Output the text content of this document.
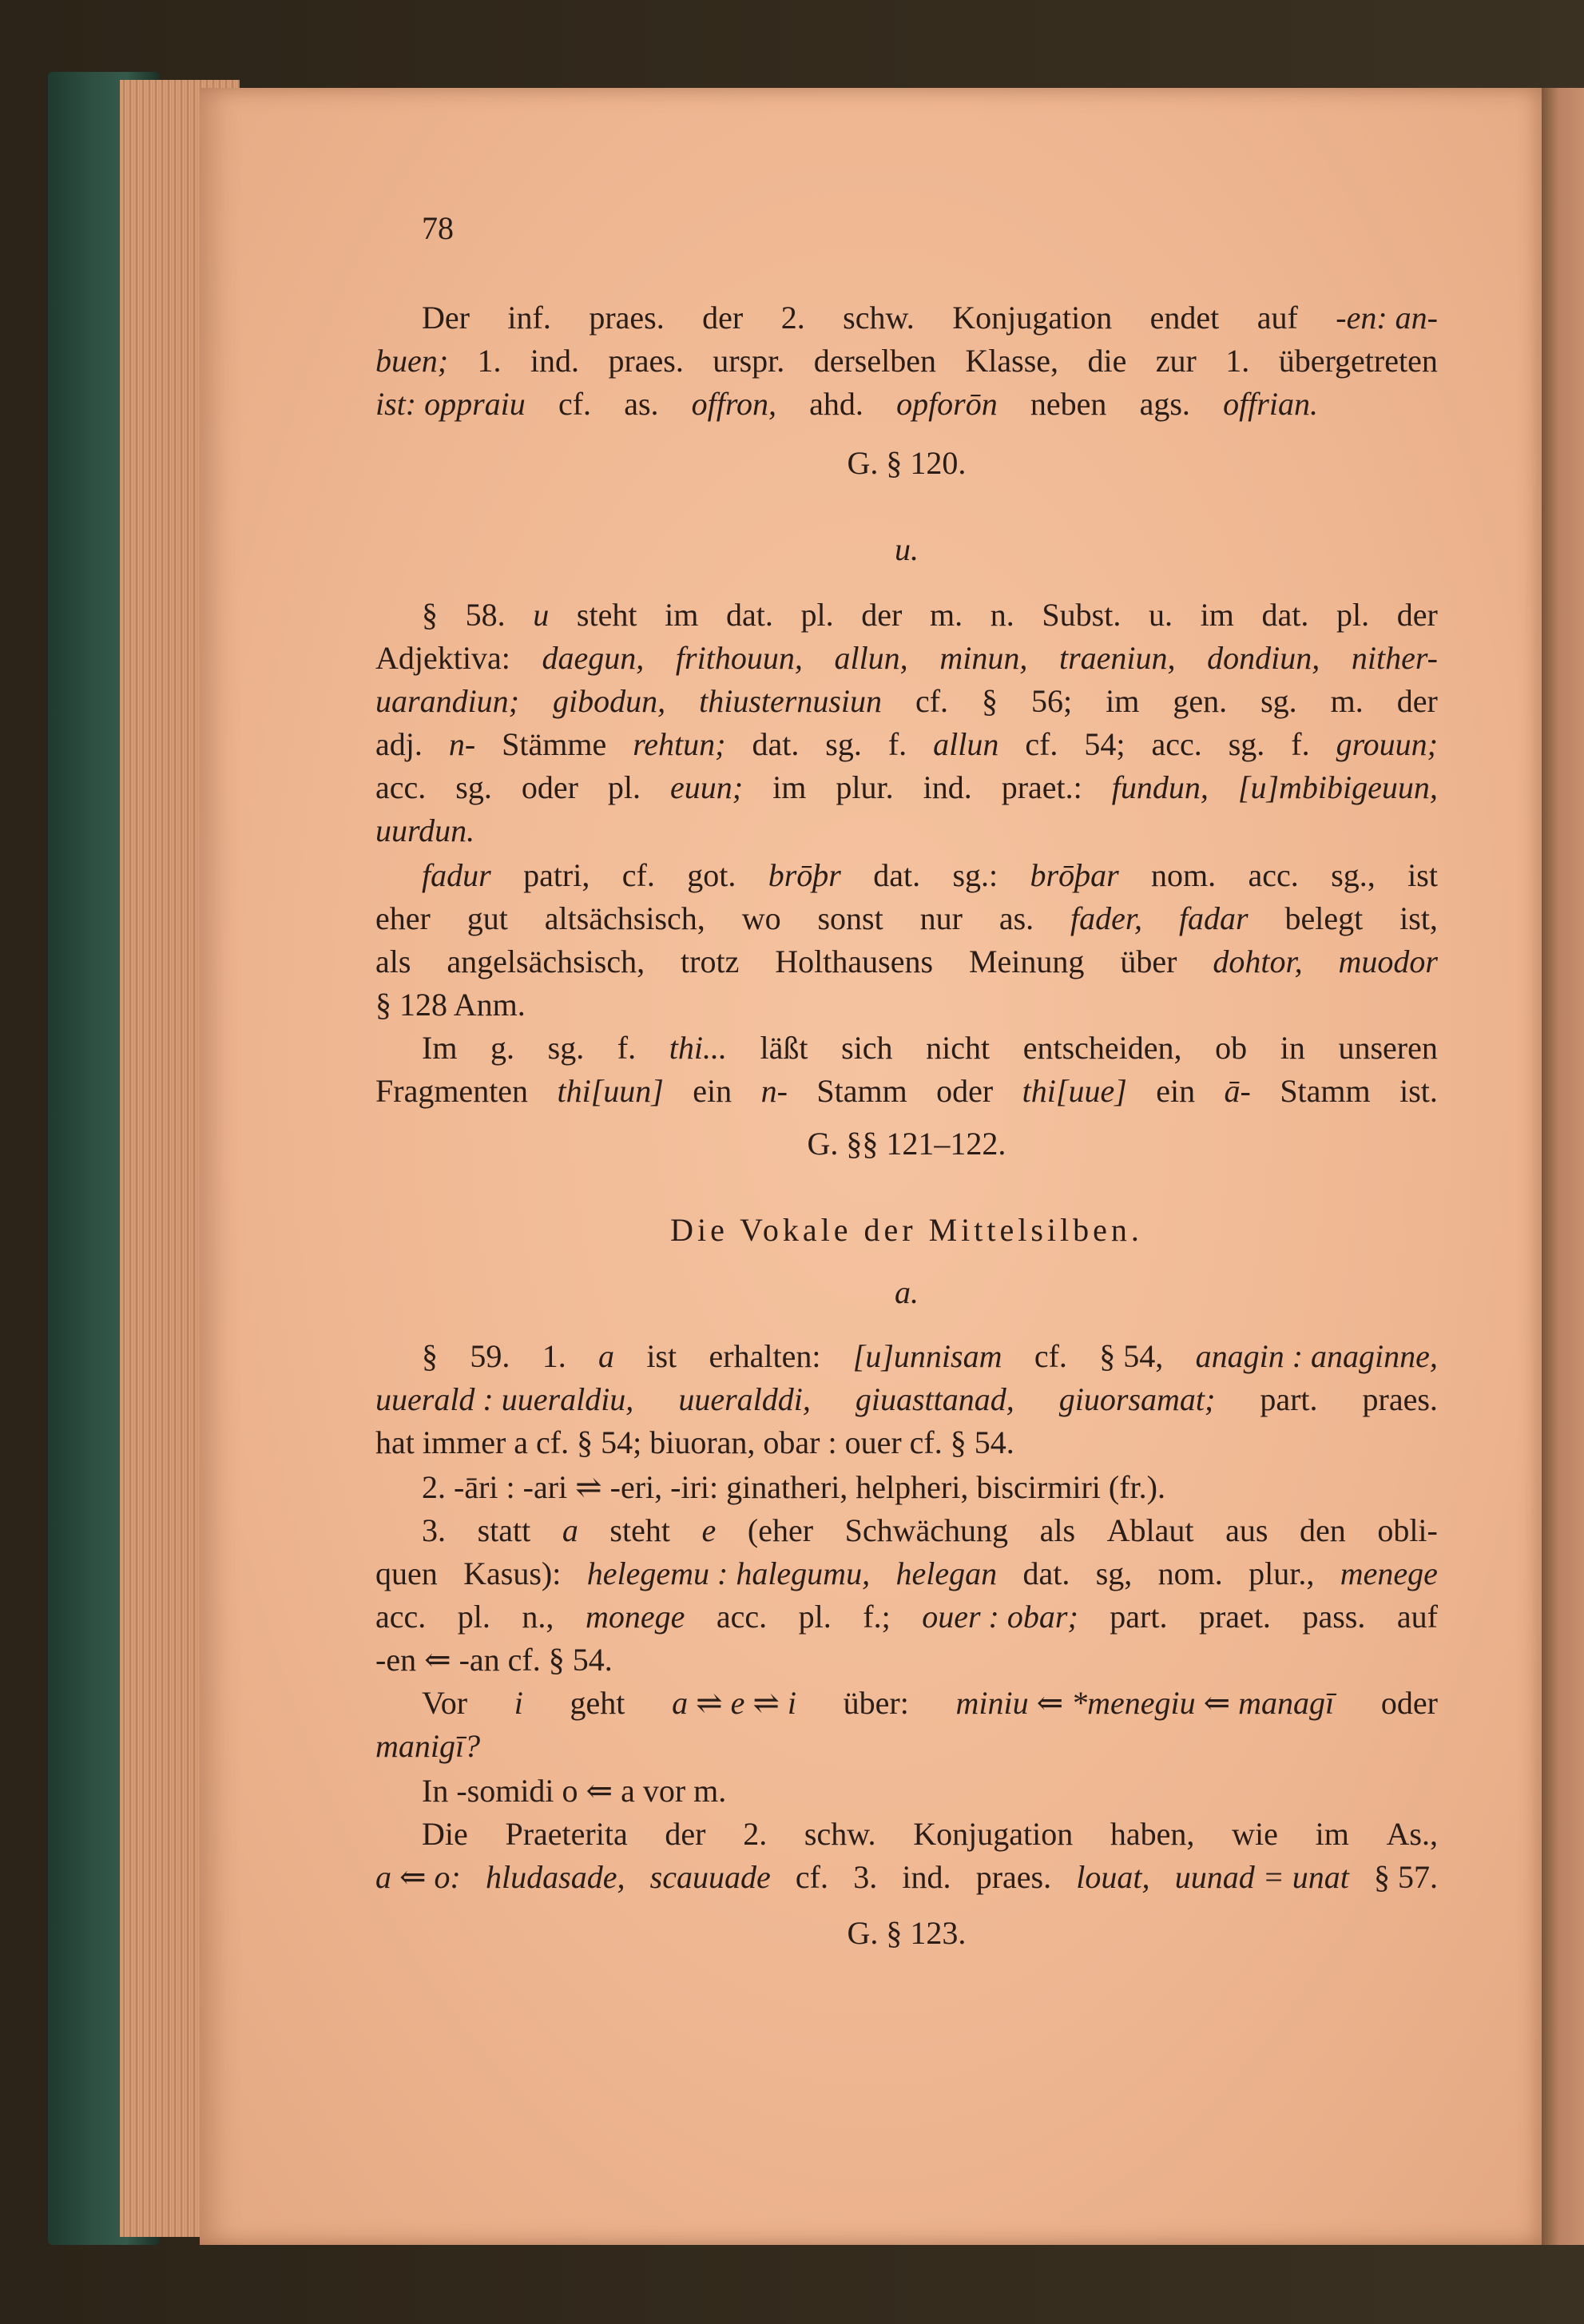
78
Der inf. praes. der 2. schw. Konjugation endet auf -en: an-
buen; 1. ind. praes. urspr. derselben Klasse, die zur 1. übergetreten
ist: oppraiu cf. as. offron, ahd. opforōn neben ags. offrian.
G. § 120.
u.
§ 58. u steht im dat. pl. der m. n. Subst. u. im dat. pl. der
Adjektiva: daegun, frithouun, allun, minun, traeniun, dondiun, nither-
uarandiun; gibodun, thiusternusiun cf. § 56; im gen. sg. m. der
adj. n- Stämme rehtun; dat. sg. f. allun cf. 54; acc. sg. f. grouun;
acc. sg. oder pl. euun; im plur. ind. praet.: fundun, [u]mbibigeuun,
uurdun.
fadur patri, cf. got. brōþr dat. sg.: brōþar nom. acc. sg., ist
eher gut altsächsisch, wo sonst nur as. fader, fadar belegt ist,
als angelsächsisch, trotz Holthausens Meinung über dohtor, muodor
§ 128 Anm.
Im g. sg. f. thi... läßt sich nicht entscheiden, ob in unseren
Fragmenten thi[uun] ein n- Stamm oder thi[uue] ein ā- Stamm ist.
G. §§ 121–122.
Die Vokale der Mittelsilben.
a.
§ 59. 1. a ist erhalten: [u]unnisam cf. § 54, anagin : anaginne,
uuerald : uueraldiu, uueralddi, giuasttanad, giuorsamat; part. praes.
hat immer a cf. § 54; biuoran, obar : ouer cf. § 54.
2. -āri : -ari ⇌ -eri, -iri: ginatheri, helpheri, biscirmiri (fr.).
3. statt a steht e (eher Schwächung als Ablaut aus den obli-
quen Kasus): helegemu : halegumu, helegan dat. sg, nom. plur., menege
acc. pl. n., monege acc. pl. f.; ouer : obar; part. praet. pass. auf
-en ⇐ -an cf. § 54.
Vor i geht a ⇌ e ⇌ i über: miniu ⇐ *menegiu ⇐ managī oder
manigī?
In -somidi o ⇐ a vor m.
Die Praeterita der 2. schw. Konjugation haben, wie im As.,
a ⇐ o: hludasade, scauuade cf. 3. ind. praes. louat, uunad = unat § 57.
G. § 123.
